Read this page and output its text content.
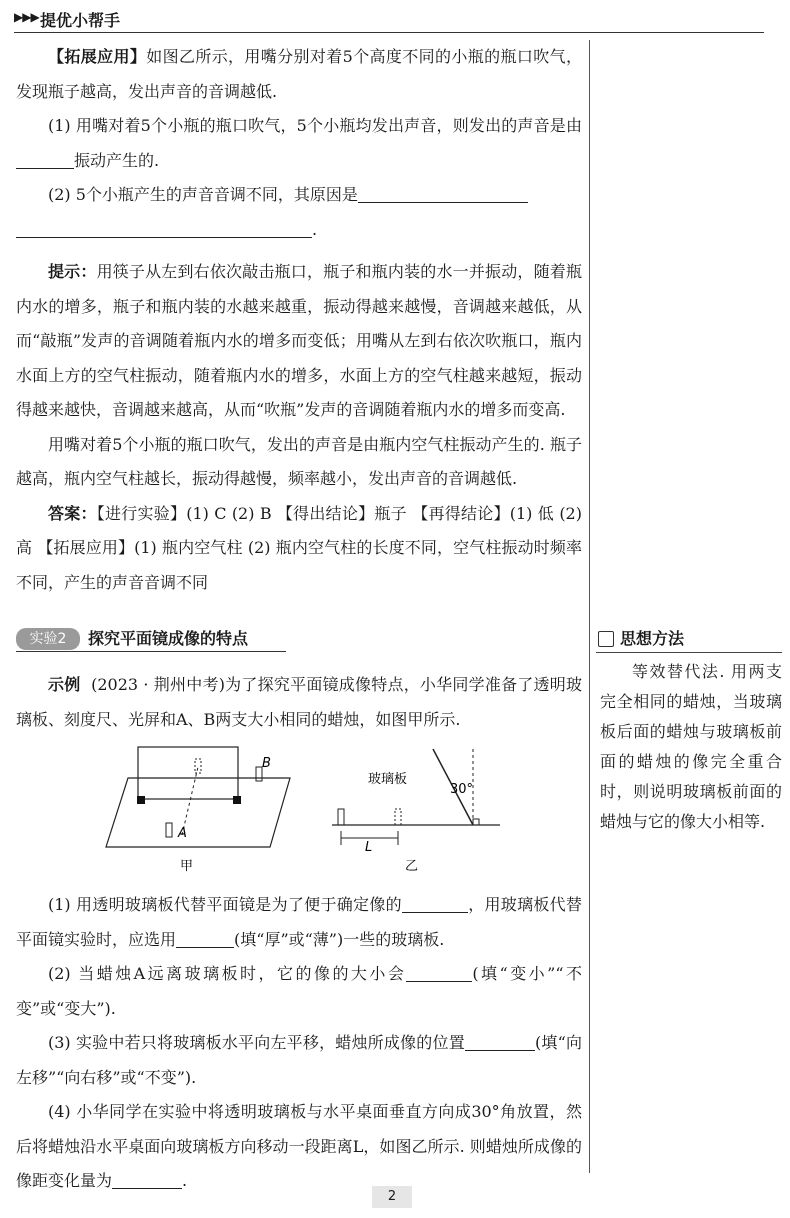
▶▶▶ 提优小帮手

【拓展应用】如图乙所示，用嘴分别对着5个高度不同的小瓶的瓶口吹气，发现瓶子越高，发出声音的音调越低.

(1) 用嘴对着5个小瓶的瓶口吹气，5个小瓶均发出声音，则发出的声音是由振动产生的.

(2) 5个小瓶产生的声音音调不同，其原因是
.

提示：用筷子从左到右依次敲击瓶口，瓶子和瓶内装的水一并振动，随着瓶内水的增多，瓶子和瓶内装的水越来越重，振动得越来越慢，音调越来越低，从而“敲瓶”发声的音调随着瓶内水的增多而变低；用嘴从左到右依次吹瓶口，瓶内水面上方的空气柱振动，随着瓶内水的增多，水面上方的空气柱越来越短，振动得越来越快，音调越来越高，从而“吹瓶”发声的音调随着瓶内水的增多而变高.

用嘴对着5个小瓶的瓶口吹气，发出的声音是由瓶内空气柱振动产生的. 瓶子越高，瓶内空气柱越长，振动得越慢，频率越小，发出声音的音调越低.

答案：【进行实验】(1) C (2) B 【得出结论】瓶子 【再得结论】(1) 低 (2) 高 【拓展应用】(1) 瓶内空气柱 (2) 瓶内空气柱的长度不同，空气柱振动时频率不同，产生的声音音调不同

实验2	探究平面镜成像的特点	思想方法
等效替代法. 用两支完全相同的蜡烛，当玻璃板后面的蜡烛与玻璃板前面的蜡烛的像完全重合时，则说明玻璃板前面的蜡烛与它的像大小相等.

示例 (2023 · 荆州中考)为了探究平面镜成像特点，小华同学准备了透明玻璃板、刻度尺、光屏和A、B两支大小相同的蜡烛，如图甲所示.

B
A
甲
L
玻璃板
30°
乙

(1) 用透明玻璃板代替平面镜是为了便于确定像的	，用玻璃板代替平面镜实验时，应选用	(填“厚”或“薄”)一些的玻璃板.

(2) 当蜡烛A远离玻璃板时，它的像的大小会	(填“变小”“不变”或“变大”).

(3) 实验中若只将玻璃板水平向左平移，蜡烛所成像的位置	(填“向左移”“向右移”或“不变”).

(4) 小华同学在实验中将透明玻璃板与水平桌面垂直方向成30°角放置，然后将蜡烛沿水平桌面向玻璃板方向移动一段距离L，如图乙所示. 则蜡烛所成像的像距变化量为	.

2
